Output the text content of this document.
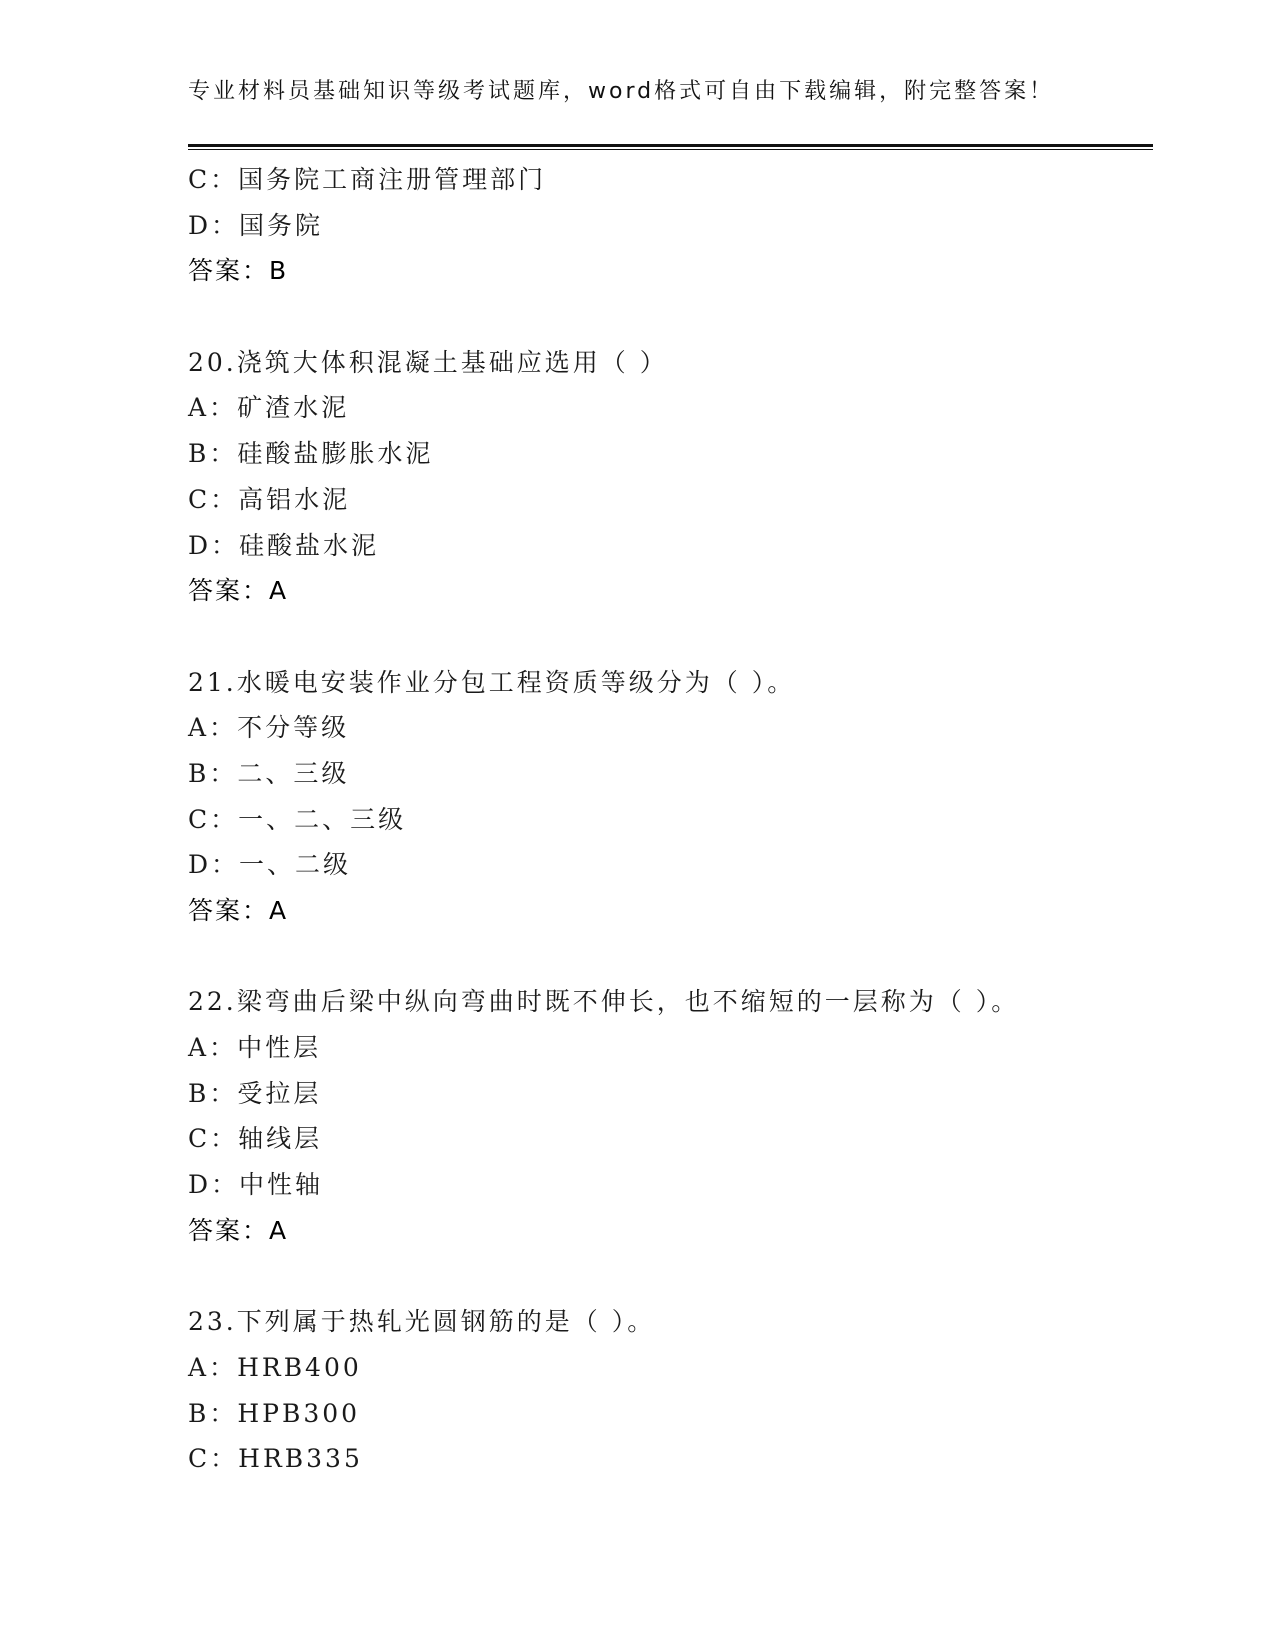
专业材料员基础知识等级考试题库，word格式可自由下载编辑，附完整答案！
C：国务院工商注册管理部门
D：国务院
答案：B
20.浇筑大体积混凝土基础应选用（ ）
A：矿渣水泥
B：硅酸盐膨胀水泥
C：高铝水泥
D：硅酸盐水泥
答案：A
21.水暖电安装作业分包工程资质等级分为（ ）。
A：不分等级
B：二、三级
C：一、二、三级
D：一、二级
答案：A
22.梁弯曲后梁中纵向弯曲时既不伸长，也不缩短的一层称为（ ）。
A：中性层
B：受拉层
C：轴线层
D：中性轴
答案：A
23.下列属于热轧光圆钢筋的是（ ）。
A：HRB400
B：HPB300
C：HRB335
